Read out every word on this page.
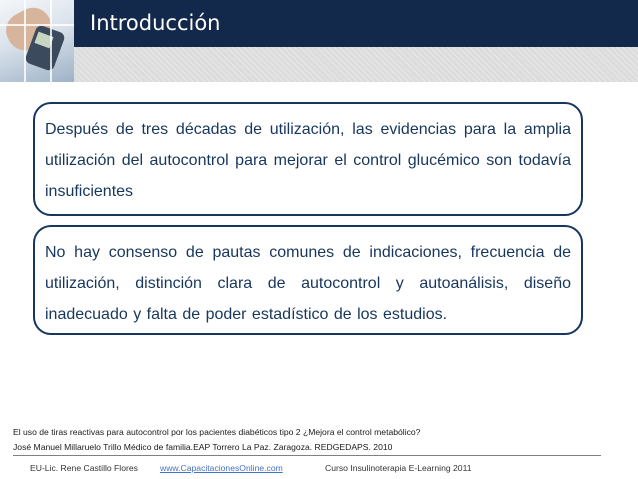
Introducción

Después de tres décadas de utilización, las evidencias para la amplia utilización del autocontrol para mejorar el control glucémico son todavía insuficientes

No hay consenso de pautas comunes de indicaciones, frecuencia de utilización, distinción clara de autocontrol y autoanálisis, diseño inadecuado y falta de poder estadístico de los estudios.

El uso de tiras reactivas para autocontrol por los pacientes diabéticos tipo 2 ¿Mejora el control metabólico?
José Manuel Millaruelo Trillo Médico de familia.EAP Torrero La Paz. Zaragoza. REDGEDAPS. 2010
EU-Lic. Rene Castillo Flores	www.CapacitacionesOnline.com	Curso Insulinoterapia E-Learning 2011
